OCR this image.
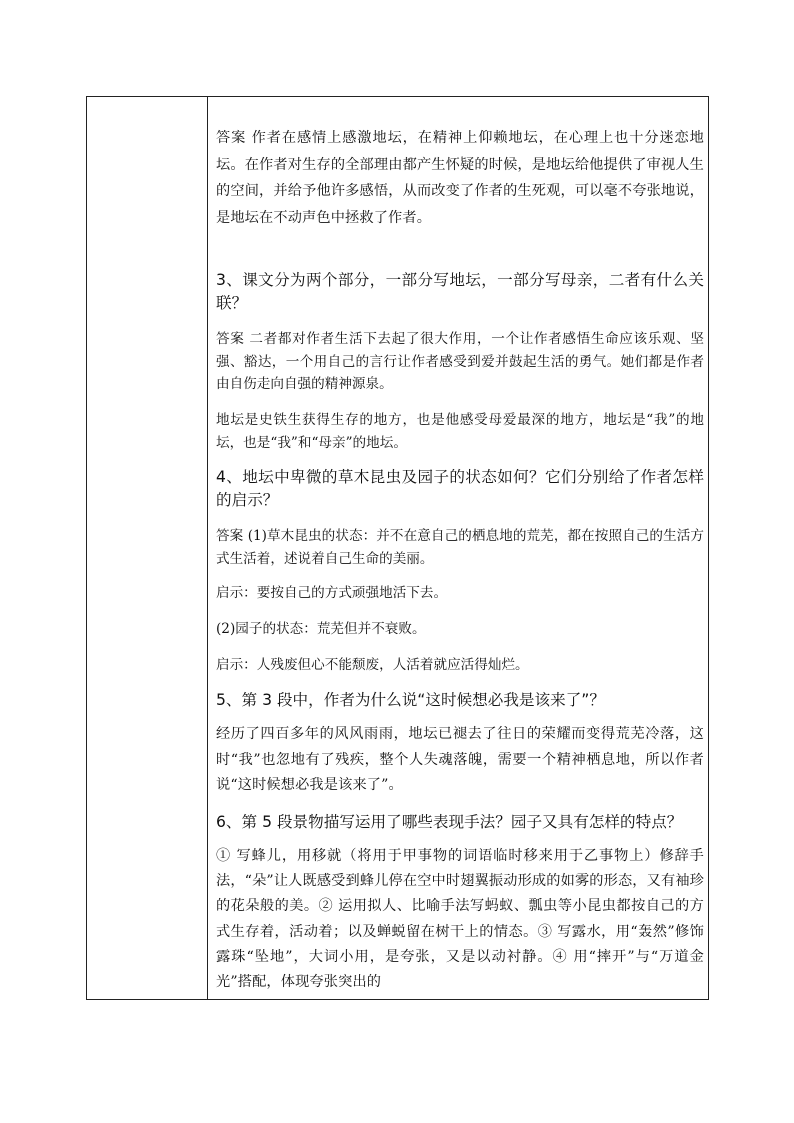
答案 作者在感情上感激地坛，在精神上仰赖地坛，在心理上也十分迷恋地坛。在作者对生存的全部理由都产生怀疑的时候，是地坛给他提供了审视人生的空间，并给予他许多感悟，从而改变了作者的生死观，可以毫不夸张地说，是地坛在不动声色中拯救了作者。

3、课文分为两个部分，一部分写地坛，一部分写母亲，二者有什么关联？

答案 二者都对作者生活下去起了很大作用，一个让作者感悟生命应该乐观、坚强、豁达，一个用自己的言行让作者感受到爱并鼓起生活的勇气。她们都是作者由自伤走向自强的精神源泉。

地坛是史铁生获得生存的地方，也是他感受母爱最深的地方，地坛是“我”的地坛，也是“我”和“母亲”的地坛。

4、地坛中卑微的草木昆虫及园子的状态如何？它们分别给了作者怎样的启示？

答案 (1)草木昆虫的状态：并不在意自己的栖息地的荒芜，都在按照自己的生活方式生活着，述说着自己生命的美丽。

启示：要按自己的方式顽强地活下去。

(2)园子的状态：荒芜但并不衰败。

启示：人残废但心不能颓废，人活着就应活得灿烂。

5、第 3 段中，作者为什么说“这时候想必我是该来了”？

经历了四百多年的风风雨雨，地坛已褪去了往日的荣耀而变得荒芜冷落，这时“我”也忽地有了残疾，整个人失魂落魄，需要一个精神栖息地，所以作者说“这时候想必我是该来了”。

6、第 5 段景物描写运用了哪些表现手法？园子又具有怎样的特点？

① 写蜂儿，用移就（将用于甲事物的词语临时移来用于乙事物上）修辞手法，“朵”让人既感受到蜂儿停在空中时翅翼振动形成的如雾的形态，又有袖珍的花朵般的美。② 运用拟人、比喻手法写蚂蚁、瓢虫等小昆虫都按自己的方式生存着，活动着；以及蝉蜕留在树干上的情态。③ 写露水，用“轰然”修饰露珠“坠地”，大词小用，是夸张，又是以动衬静。④ 用“摔开”与“万道金光”搭配，体现夸张突出的
